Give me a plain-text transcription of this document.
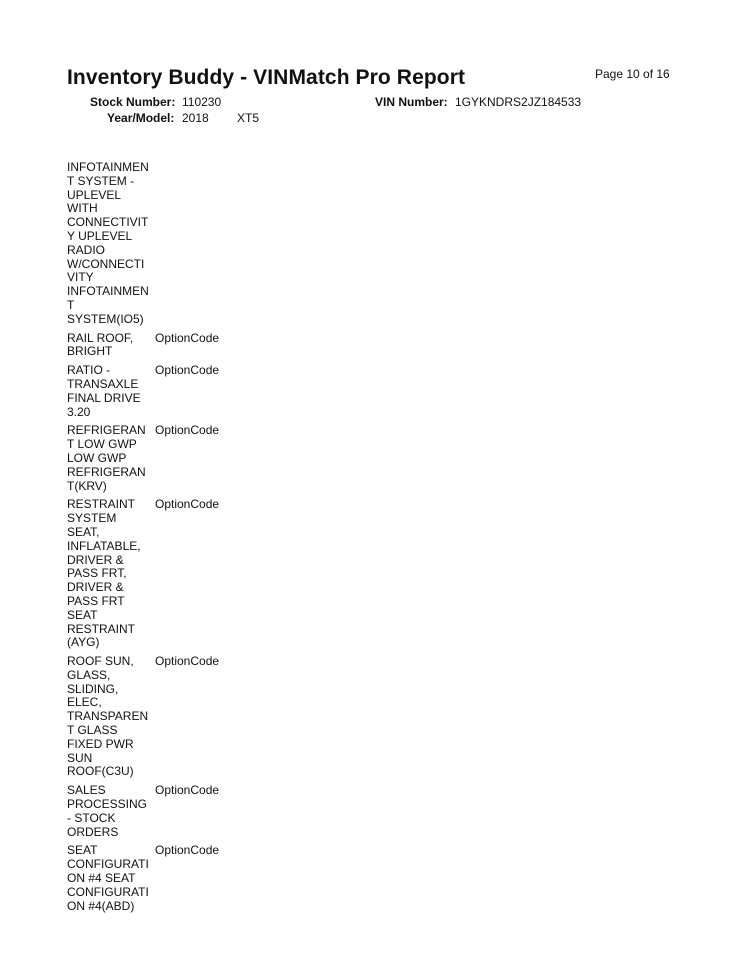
Inventory Buddy - VINMatch Pro Report	Page 10 of 16
Stock Number: 110230	VIN Number: 1GYKNDRS2JZ184533
Year/Model: 2018 XT5
INFOTAINMEN
T SYSTEM -
UPLEVEL
WITH
CONNECTIVIT
Y UPLEVEL
RADIO
W/CONNECTI
VITY
INFOTAINMEN
T
SYSTEM(IO5)
RAIL ROOF,
BRIGHT
OptionCode
RATIO -
TRANSAXLE
FINAL DRIVE
3.20
OptionCode
REFRIGERAN
T LOW GWP
LOW GWP
REFRIGERAN
T(KRV)
OptionCode
RESTRAINT
SYSTEM
SEAT,
INFLATABLE,
DRIVER &
PASS FRT,
DRIVER &
PASS FRT
SEAT
RESTRAINT
(AYG)
OptionCode
ROOF SUN,
GLASS,
SLIDING,
ELEC,
TRANSPAREN
T GLASS
FIXED PWR
SUN
ROOF(C3U)
OptionCode
SALES
PROCESSING
- STOCK
ORDERS
OptionCode
SEAT
CONFIGURATI
ON #4 SEAT
CONFIGURATI
ON #4(ABD)
OptionCode
